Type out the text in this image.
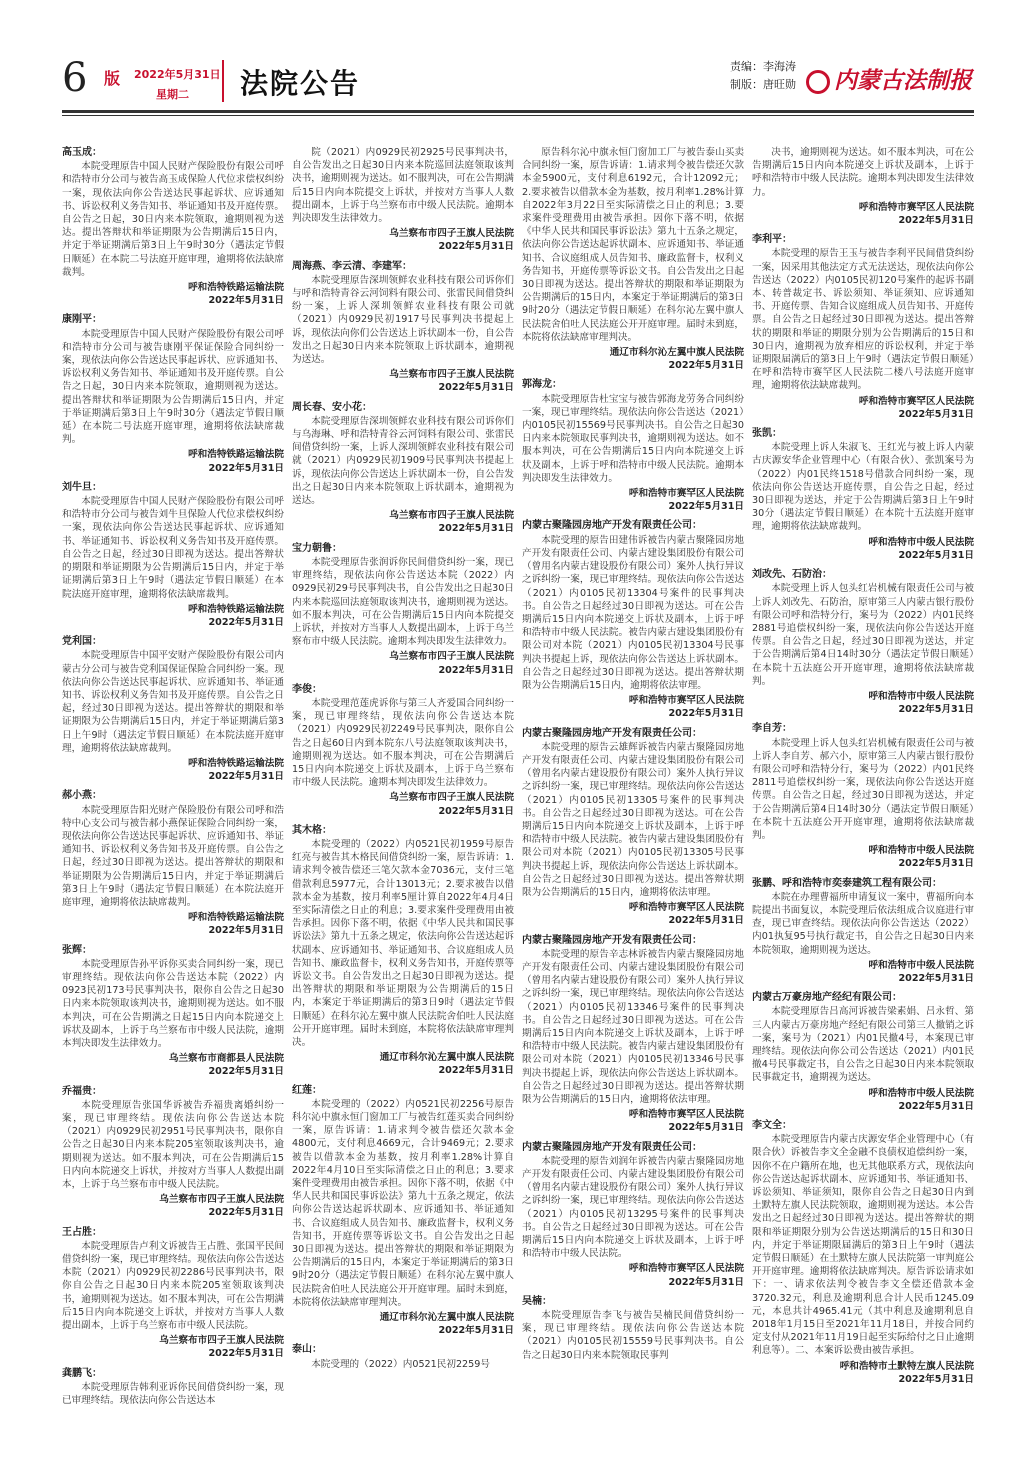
6 版 2022年5月31日
星期二 法院公告
责编：李海涛
制版：唐旺勋	内蒙古法制报
高玉成：

本院受理原告中国人民财产保险股份有限公司呼和浩特市分公司与被告高玉成保险人代位求偿权纠纷一案，现依法向你公告送达民事起诉状、应诉通知书、诉讼权利义务告知书、举证通知书及开庭传票。自公告之日起，30日内来本院领取，逾期则视为送达。提出答辩状和举证期限为公告期满后15日内，并定于举证期满后第3日上午9时30分（遇法定节假日顺延）在本院二号法庭开庭审理，逾期将依法缺席裁判。

呼和浩特铁路运输法院
2022年5月31日
康刚平：

本院受理原告中国人民财产保险股份有限公司呼和浩特市分公司与被告康刚平保证保险合同纠纷一案，现依法向你公告送达民事起诉状、应诉通知书、诉讼权利义务告知书、举证通知书及开庭传票。自公告之日起，30日内来本院领取，逾期则视为送达。提出答辩状和举证期限为公告期满后15日内，并定于举证期满后第3日上午9时30分（遇法定节假日顺延）在本院二号法庭开庭审理，逾期将依法缺席裁判。

呼和浩特铁路运输法院
2022年5月31日
刘牛旦：

本院受理原告中国人民财产保险股份有限公司呼和浩特市分公司与被告刘牛旦保险人代位求偿权纠纷一案，现依法向你公告送达民事起诉状、应诉通知书、举证通知书、诉讼权利义务告知书及开庭传票。自公告之日起，经过30日即视为送达。提出答辩状的期限和举证期限为公告期满后15日内，并定于举证期满后第3日上午9时（遇法定节假日顺延）在本院法庭开庭审理，逾期将依法缺席裁判。

呼和浩特铁路运输法院
2022年5月31日
党利国：

本院受理原告中国平安财产保险股份有限公司内蒙古分公司与被告党利国保证保险合同纠纷一案。现依法向你公告送达民事起诉状、应诉通知书、举证通知书、诉讼权利义务告知书及开庭传票。自公告之日起，经过30日即视为送达。提出答辩状的期限和举证期限为公告期满后15日内，并定于举证期满后第3日上午9时（遇法定节假日顺延）在本院法庭开庭审理，逾期将依法缺席裁判。

呼和浩特铁路运输法院
2022年5月31日
郝小燕：

本院受理原告阳光财产保险股份有限公司呼和浩特中心支公司与被告郝小燕保证保险合同纠纷一案，现依法向你公告送达民事起诉状、应诉通知书、举证通知书、诉讼权利义务告知书及开庭传票。自公告之日起，经过30日即视为送达。提出答辩状的期限和举证期限为公告期满后15日内，并定于举证期满后第3日上午9时（遇法定节假日顺延）在本院法庭开庭审理，逾期将依法缺席裁判。

呼和浩特铁路运输法院
2022年5月31日
张辉：

本院受理原告孙平诉你买卖合同纠纷一案，现已审理终结。现依法向你公告送达本院（2022）内0923民初173号民事判决书，限你自公告之日起30日内来本院领取该判决书，逾期则视为送达。如不服本判决，可在公告期满之日起15日内向本院递交上诉状及副本，上诉于乌兰察布市中级人民法院，逾期本判决即发生法律效力。

乌兰察布市商都县人民法院
2022年5月31日
乔福贵：

本院受理原告张国华诉被告乔福贵离婚纠纷一案，现已审理终结。现依法向你公告送达本院（2021）内0929民初2951号民事判决书，限你自公告之日起30日内来本院205室领取该判决书，逾期则视为送达。如不服本判决，可在公告期满后15日内向本院递交上诉状，并按对方当事人人数提出副本，上诉于乌兰察布市中级人民法院。

乌兰察布市四子王旗人民法院
2022年5月31日
王占胜：

本院受理原告卢利文诉被告王占胜、张国平民间借贷纠纷一案，现已审理终结。现依法向你公告送达本院（2021）内0929民初2286号民事判决书，限你自公告之日起30日内来本院205室领取该判决书，逾期则视为送达。如不服本判决，可在公告期满后15日内向本院递交上诉状，并按对方当事人人数提出副本，上诉于乌兰察布市中级人民法院。

乌兰察布市四子王旗人民法院
2022年5月31日
龚鹏飞：

本院受理原告韩利亚诉你民间借贷纠纷一案，现已审理终结。现依法向你公告送达本

院（2021）内0929民初2925号民事判决书，自公告发出之日起30日内来本院巡回法庭领取该判决书，逾期则视为送达。如不服判决，可在公告期满后15日内向本院提交上诉状，并按对方当事人人数提出副本，上诉于乌兰察布市中级人民法院。逾期本判决即发生法律效力。

乌兰察布市四子王旗人民法院
2022年5月31日
周海燕、李云清、李建军：

本院受理原告深圳领鲜农业科技有限公司诉你们与呼和浩特青谷云河饲料有限公司、张雷民间借贷纠纷一案，上诉人深圳领鲜农业科技有限公司就（2021）内0929民初1917号民事判决书提起上诉，现依法向你们公告送达上诉状副本一份，自公告发出之日起30日内来本院领取上诉状副本，逾期视为送达。

乌兰察布市四子王旗人民法院
2022年5月31日
周长春、安小花：

本院受理原告深圳领鲜农业科技有限公司诉你们与乌海琳、呼和浩特青谷云河饲料有限公司、张雷民间借贷纠纷一案，上诉人深圳领鲜农业科技有限公司就（2021）内0929民初1909号民事判决书提起上诉，现依法向你公告送达上诉状副本一份，自公告发出之日起30日内来本院领取上诉状副本，逾期视为送达。

乌兰察布市四子王旗人民法院
2022年5月31日
宝力朝鲁：

本院受理原告张润诉你民间借贷纠纷一案，现已审理终结，现依法向你公告送达本院（2022）内0929民初29号民事判决书，自公告发出之日起30日内来本院巡回法庭领取该判决书，逾期则视为送达。如不服本判决，可在公告期满后15日内向本院提交上诉状，并按对方当事人人数提出副本，上诉于乌兰察布市中级人民法院。逾期本判决即发生法律效力。

乌兰察布市四子王旗人民法院
2022年5月31日
李俊：

本院受理范莲虎诉你与第三人齐爱国合同纠纷一案，现已审理终结，现依法向你公告送达本院（2021）内0929民初2249号民事判决，限你自公告之日起60日内到本院东八号法庭领取该判决书，逾期则视为送达。如不服本判决，可在公告期满后15日内向本院递交上诉状及副本，上诉于乌兰察布市中级人民法院。逾期本判决即发生法律效力。

乌兰察布市四子王旗人民法院
2022年5月31日
其木格：

本院受理的（2022）内0521民初1959号原告红亮与被告其木格民间借贷纠纷一案，原告诉请：1.请求判令被告偿还三笔欠款本金7036元，支付三笔借款利息5977元，合计13013元；2.要求被告以借款本金为基数，按月利率5厘计算自2022年4月4日至实际清偿之日止的利息；3.要求案件受理费用由被告承担。因你下落不明，依据《中华人民共和国民事诉讼法》第九十五条之规定，依法向你公告送达起诉状副本、应诉通知书、举证通知书、合议庭组成人员告知书、廉政监督卡，权利义务告知书，开庭传票等诉讼文书。自公告发出之日起30日即视为送达。提出答辩状的期限和举证期限为公告期满后的15日内，本案定于举证期满后的第3日9时（遇法定节假日顺延）在科尔沁左翼中旗人民法院舍伯吐人民法庭公开开庭审理。届时未到庭，本院将依法缺席审理判决。

通辽市科尔沁左翼中旗人民法院
2022年5月31日
红莲：

本院受理的（2022）内0521民初2256号原告科尔沁中旗永恒门窗加工厂与被告红莲买卖合同纠纷一案，原告诉请：1.请求判令被告偿还欠款本金4800元，支付利息4669元，合计9469元；2.要求被告以借款本金为基数，按月利率1.28%计算自2022年4月10日至实际清偿之日止的利息；3.要求案件受理费用由被告承担。因你下落不明，依据《中华人民共和国民事诉讼法》第九十五条之规定，依法向你公告送达起诉状副本、应诉通知书、举证通知书、合议庭组成人员告知书、廉政监督卡，权利义务告知书，开庭传票等诉讼文书。自公告发出之日起30日即视为送达。提出答辩状的期限和举证期限为公告期满后的15日内，本案定于举证期满后的第3日9时20分（遇法定节假日顺延）在科尔沁左翼中旗人民法院舍伯吐人民法庭公开开庭审理。届时未到庭，本院将依法缺席审理判决。

通辽市科尔沁左翼中旗人民法院
2022年5月31日
泰山：

本院受理的（2022）内0521民初2259号

原告科尔沁中旗永恒门窗加工厂与被告泰山买卖合同纠纷一案，原告诉请：1.请求判令被告偿还欠款本金5900元，支付利息6192元，合计12092元；2.要求被告以借款本金为基数，按月利率1.28%计算自2022年3月22日至实际清偿之日止的利息；3.要求案件受理费用由被告承担。因你下落不明，依据《中华人民共和国民事诉讼法》第九十五条之规定，依法向你公告送达起诉状副本、应诉通知书、举证通知书、合议庭组成人员告知书、廉政监督卡，权利义务告知书，开庭传票等诉讼文书。自公告发出之日起30日即视为送达。提出答辩状的期限和举证期限为公告期满后的15日内，本案定于举证期满后的第3日9时20分（遇法定节假日顺延）在科尔沁左翼中旗人民法院舍伯吐人民法庭公开开庭审理。届时未到庭，本院将依法缺席审理判决。

通辽市科尔沁左翼中旗人民法院
2022年5月31日
郭海龙：

本院受理原告杜宝宝与被告郭海龙劳务合同纠纷一案，现已审理终结。现依法向你公告送达（2021）内0105民初15569号民事判决书。自公告之日起30日内来本院领取民事判决书，逾期则视为送达。如不服本判决，可在公告期满后15日内向本院递交上诉状及副本，上诉于呼和浩特市中级人民法院。逾期本判决即发生法律效力。

呼和浩特市赛罕区人民法院
2022年5月31日
内蒙古聚隆园房地产开发有限责任公司：

本院受理的原告田建伟诉被告内蒙古聚隆园房地产开发有限责任公司、内蒙古建设集团股份有限公司（曾用名内蒙古建设股份有限公司）案外人执行异议之诉纠纷一案，现已审理终结。现依法向你公告送达（2021）内0105民初13304号案件的民事判决书。自公告之日起经过30日即视为送达。可在公告期满后15日内向本院递交上诉状及副本，上诉于呼和浩特市中级人民法院。被告内蒙古建设集团股份有限公司对本院（2021）内0105民初13304号民事判决书提起上诉，现依法向你公告送达上诉状副本。自公告之日起经过30日即视为送达。提出答辩状期限为公告期满后15日内，逾期将依法审理。

呼和浩特市赛罕区人民法院
2022年5月31日
内蒙古聚隆园房地产开发有限责任公司：

本院受理的原告云雄辉诉被告内蒙古聚隆园房地产开发有限责任公司、内蒙古建设集团股份有限公司（曾用名内蒙古建设股份有限公司）案外人执行异议之诉纠纷一案，现已审理终结。现依法向你公告送达（2021）内0105民初13305号案件的民事判决书。自公告之日起经过30日即视为送达。可在公告期满后15日内向本院递交上诉状及副本，上诉于呼和浩特市中级人民法院。被告内蒙古建设集团股份有限公司对本院（2021）内0105民初13305号民事判决书提起上诉，现依法向你公告送达上诉状副本。自公告之日起经过30日即视为送达。提出答辩状期限为公告期满后的15日内，逾期将依法审理。

呼和浩特市赛罕区人民法院
2022年5月31日
内蒙古聚隆园房地产开发有限责任公司：

本院受理的原告辛志林诉被告内蒙古聚隆园房地产开发有限责任公司、内蒙古建设集团股份有限公司（曾用名内蒙古建设股份有限公司）案外人执行异议之诉纠纷一案，现已审理终结。现依法向你公告送达（2021）内0105民初13346号案件的民事判决书。自公告之日起经过30日即视为送达。可在公告期满后15日内向本院递交上诉状及副本，上诉于呼和浩特市中级人民法院。被告内蒙古建设集团股份有限公司对本院（2021）内0105民初13346号民事判决书提起上诉，现依法向你公告送达上诉状副本。自公告之日起经过30日即视为送达。提出答辩状期限为公告期满后的15日内，逾期将依法审理。

呼和浩特市赛罕区人民法院
2022年5月31日
内蒙古聚隆园房地产开发有限责任公司：

本院受理的原告刘润年诉被告内蒙古聚隆园房地产开发有限责任公司、内蒙古建设集团股份有限公司（曾用名内蒙古建设股份有限公司）案外人执行异议之诉纠纷一案，现已审理终结。现依法向你公告送达（2021）内0105民初13295号案件的民事判决书。自公告之日起经过30日即视为送达。可在公告期满后15日内向本院递交上诉状及副本，上诉于呼和浩特市中级人民法院。

呼和浩特市赛罕区人民法院
2022年5月31日
吴楠：

本院受理原告李飞与被告吴楠民间借贷纠纷一案，现已审理终结。现依法向你公告送达本院（2021）内0105民初15559号民事判决书。自公告之日起30日内来本院领取民事判

决书，逾期则视为送达。如不服本判决，可在公告期满后15日内向本院递交上诉状及副本，上诉于呼和浩特市中级人民法院。逾期本判决即发生法律效力。

呼和浩特市赛罕区人民法院
2022年5月31日
李利平：

本院受理的原告王玉与被告李利平民间借贷纠纷一案，因采用其他法定方式无法送达，现依法向你公告送达（2022）内0105民初120号案件的起诉书副本、转普裁定书、诉讼须知、举证须知、应诉通知书、开庭传票、告知合议庭组成人员告知书、开庭传票。自公告之日起经过30日即视为送达。提出答辩状的期限和举证的期限分别为公告期满后的15日和30日内，逾期视为放弃相应的诉讼权利，并定于举证期限届满后的第3日上午9时（遇法定节假日顺延）在呼和浩特市赛罕区人民法院二楼八号法庭开庭审理，逾期将依法缺席裁判。

呼和浩特市赛罕区人民法院
2022年5月31日
张凯：

本院受理上诉人朱淑飞、王红光与被上诉人内蒙古庆源安华企业管理中心（有限合伙）、张凯案号为（2022）内01民终1518号借款合同纠纷一案，现依法向你公告送达开庭传票，自公告之日起，经过30日即视为送达，并定于公告期满后第3日上午9时30分（遇法定节假日顺延）在本院十五法庭开庭审理，逾期将依法缺席裁判。

呼和浩特市中级人民法院
2022年5月31日
刘改先、石防治：

本院受理上诉人包头红岩机械有限责任公司与被上诉人刘改先、石防治，原审第三人内蒙古银行股份有限公司呼和浩特分行，案号为（2022）内01民终2881号追偿权纠纷一案，现依法向你公告送达开庭传票。自公告之日起，经过30日即视为送达，并定于公告期满后第4日14时30分（遇法定节假日顺延）在本院十五法庭公开开庭审理，逾期将依法缺席裁判。

呼和浩特市中级人民法院
2022年5月31日
李自芳：

本院受理上诉人包头红岩机械有限责任公司与被上诉人李自芳、郝六小，原审第三人内蒙古银行股份有限公司呼和浩特分行，案号为（2022）内01民终2811号追偿权纠纷一案，现依法向你公告送达开庭传票。自公告之日起，经过30日即视为送达，并定于公告期满后第4日14时30分（遇法定节假日顺延）在本院十五法庭公开开庭审理，逾期将依法缺席裁判。

呼和浩特市中级人民法院
2022年5月31日
张鹏、呼和浩特市奕泰建筑工程有限公司：

本院在办理曹福所申请复议一案中，曹福所向本院提出书面复议，本院受理后依法组成合议庭进行审查，现已审查终结。现依法向你公告送达（2022）内01执复95号执行裁定书，自公告之日起30日内来本院领取，逾期则视为送达。

呼和浩特市中级人民法院
2022年5月31日
内蒙古万豪房地产经纪有限公司：

本院受理原告吕高河诉被告梁素娟、吕永哲、第三人内蒙古万豪房地产经纪有限公司第三人撤销之诉一案，案号为（2021）内01民撤4号，本案现已审理终结。现依法向你公司公告送达（2021）内01民撤4号民事裁定书，自公告之日起30日内来本院领取民事裁定书，逾期视为送达。

呼和浩特市中级人民法院
2022年5月31日
李文全：

本院受理原告内蒙古庆源安华企业管理中心（有限合伙）诉被告李文全金融不良债权追偿纠纷一案，因你不在户籍所在地，也无其他联系方式，现依法向你公告送达起诉状副本、应诉通知书、举证通知书、诉讼须知、举证须知，限你自公告之日起30日内到土默特左旗人民法院领取，逾期则视为送达。本公告发出之日起经过30日即视为送达。提出答辩状的期限和举证期限分别为公告送达期满后的15日和30日内，并定于举证期限届满后的第3日上午9时（遇法定节假日顺延）在土默特左旗人民法院第一审判庭公开开庭审理。逾期将依法缺席判决。原告诉讼请求如下：一、请求依法判令被告李文全偿还借款本金3720.32元，利息及逾期利息合计人民币1245.09元，本息共计4965.41元（其中利息及逾期利息自2018年1月15日至2021年11月18日，并按合同约定支付从2021年11月19日起至实际给付之日止逾期利息等）。二、本案诉讼费由被告承担。

呼和浩特市土默特左旗人民法院
2022年5月31日
